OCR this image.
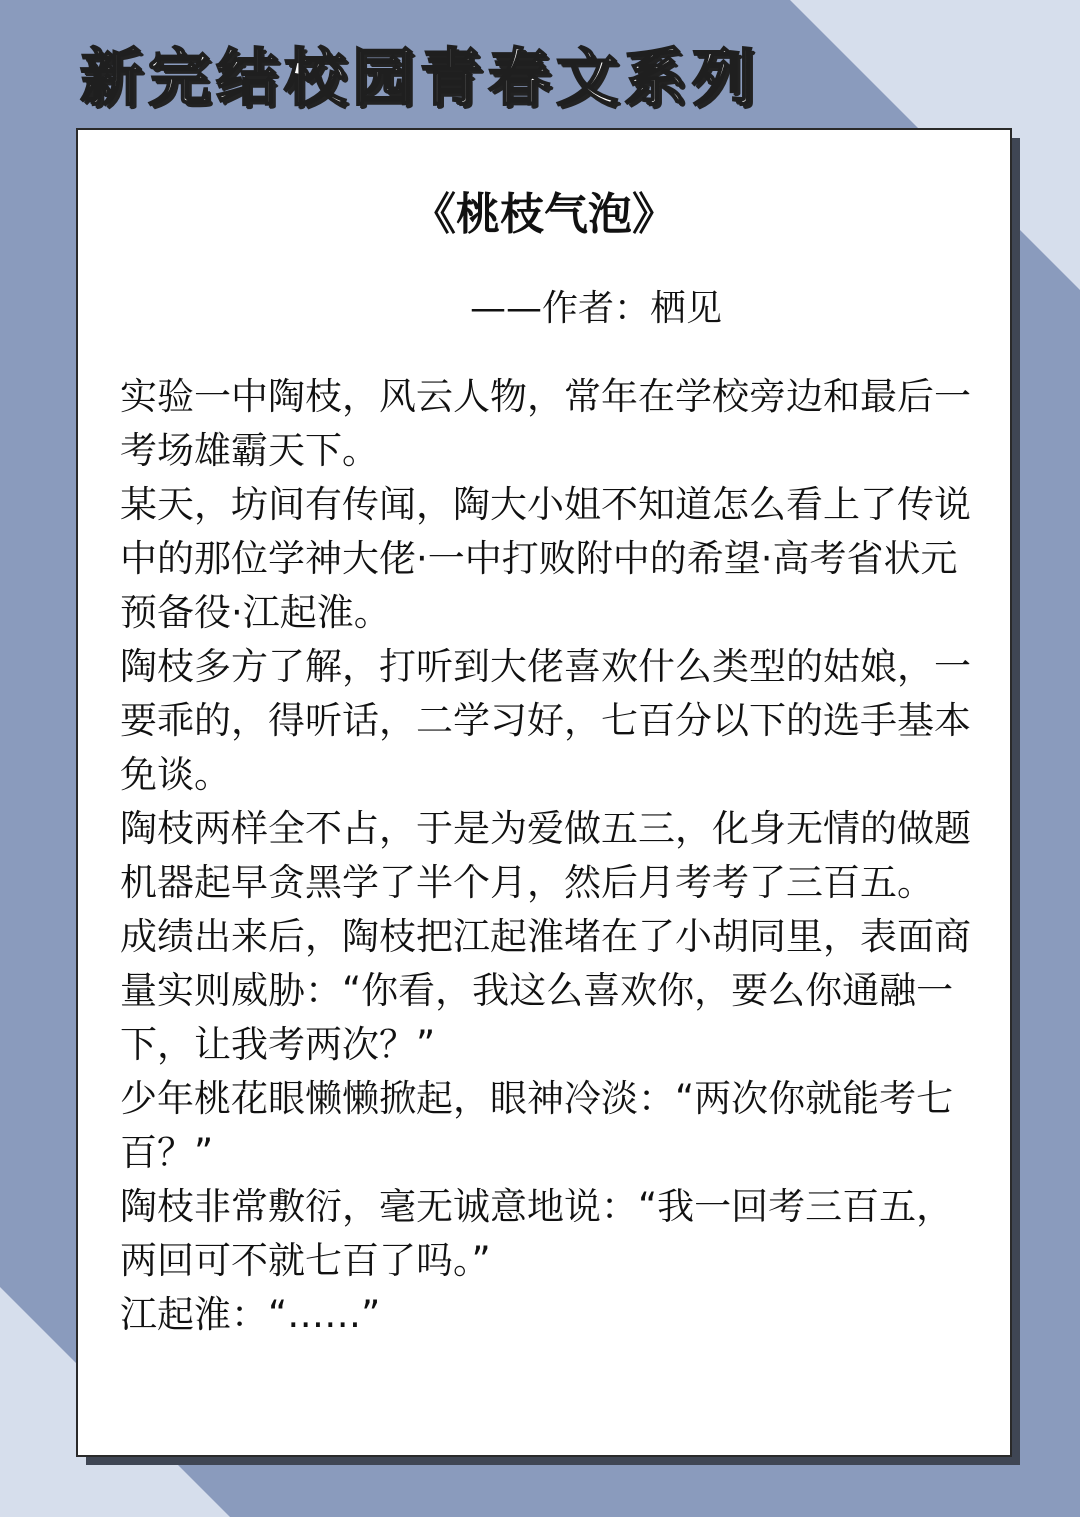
新完结校园青春文系列
《桃枝气泡》
——作者：栖见

实验一中陶枝，风云人物，常年在学校旁边和最后一考场雄霸天下。

某天，坊间有传闻，陶大小姐不知道怎么看上了传说中的那位学神大佬·一中打败附中的希望·高考省状元预备役·江起淮。

陶枝多方了解，打听到大佬喜欢什么类型的姑娘，一要乖的，得听话，二学习好，七百分以下的选手基本免谈。

陶枝两样全不占，于是为爱做五三，化身无情的做题机器起早贪黑学了半个月，然后月考考了三百五。

成绩出来后，陶枝把江起淮堵在了小胡同里，表面商量实则威胁：“你看，我这么喜欢你，要么你通融一下，让我考两次？”

少年桃花眼懒懒掀起，眼神冷淡：“两次你就能考七百？”

陶枝非常敷衍，毫无诚意地说：“我一回考三百五，两回可不就七百了吗。”

江起淮：“……”
